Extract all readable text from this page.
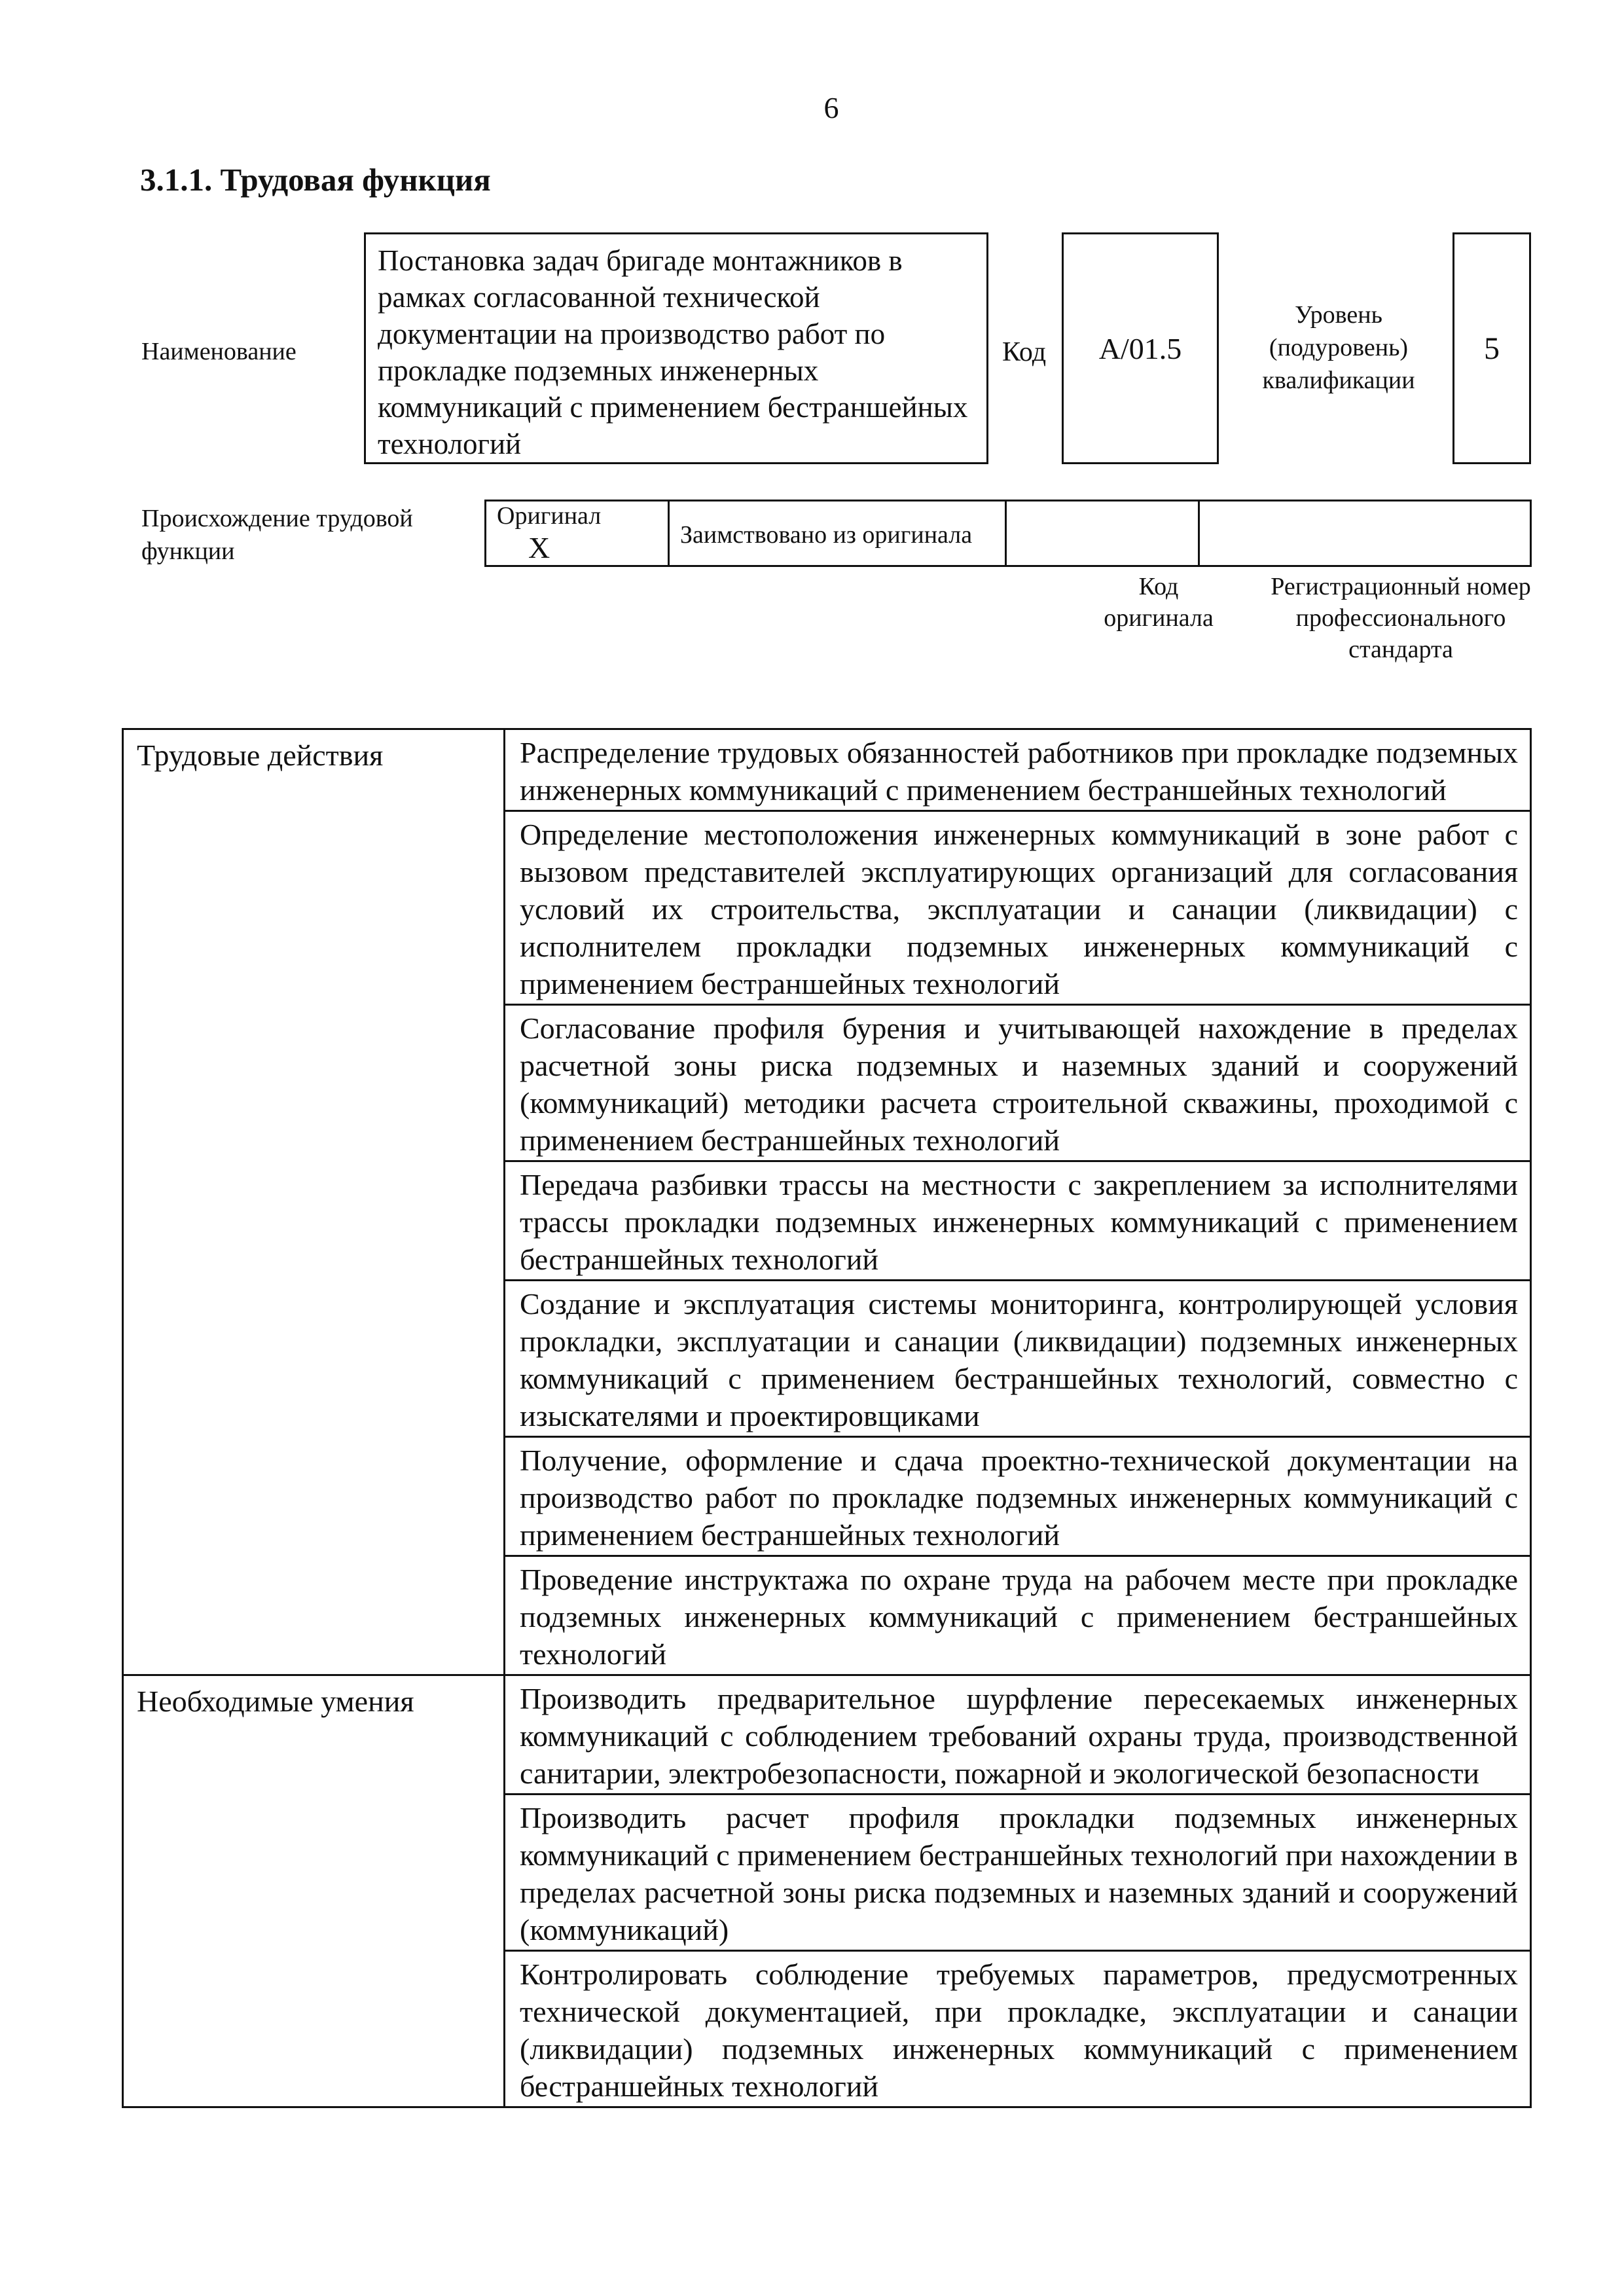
6
3.1.1. Трудовая функция
Наименование
Постановка задач бригаде монтажников в рамках согласованной технической документации на производство работ по прокладке подземных инженерных коммуникаций с применением бестраншейных технологий
Код A/01.5
Уровень (подуровень) квалификации
5
Происхождение трудовой функции
Оригинал X	Заимствовано из оригинала		
Код оригинала
Регистрационный номер профессионального стандарта
Трудовые действия	Распределение трудовых обязанностей работников при прокладке подземных инженерных коммуникаций с применением бестраншейных технологий
	Определение местоположения инженерных коммуникаций в зоне работ с вызовом представителей эксплуатирующих организаций для согласования условий их строительства, эксплуатации и санации (ликвидации) с исполнителем прокладки подземных инженерных коммуникаций с применением бестраншейных технологий
	Согласование профиля бурения и учитывающей нахождение в пределах расчетной зоны риска подземных и наземных зданий и сооружений (коммуникаций) методики расчета строительной скважины, проходимой с применением бестраншейных технологий
	Передача разбивки трассы на местности с закреплением за исполнителями трассы прокладки подземных инженерных коммуникаций с применением бестраншейных технологий
	Создание и эксплуатация системы мониторинга, контролирующей условия прокладки, эксплуатации и санации (ликвидации) подземных инженерных коммуникаций с применением бестраншейных технологий, совместно с изыскателями и проектировщиками
	Получение, оформление и сдача проектно-технической документации на производство работ по прокладке подземных инженерных коммуникаций с применением бестраншейных технологий
	Проведение инструктажа по охране труда на рабочем месте при прокладке подземных инженерных коммуникаций с применением бестраншейных технологий
Необходимые умения	Производить предварительное шурфление пересекаемых инженерных коммуникаций с соблюдением требований охраны труда, производственной санитарии, электробезопасности, пожарной и экологической безопасности
	Производить расчет профиля прокладки подземных инженерных коммуникаций с применением бестраншейных технологий при нахождении в пределах расчетной зоны риска подземных и наземных зданий и сооружений (коммуникаций)
	Контролировать соблюдение требуемых параметров, предусмотренных технической документацией, при прокладке, эксплуатации и санации (ликвидации) подземных инженерных коммуникаций с применением бестраншейных технологий
